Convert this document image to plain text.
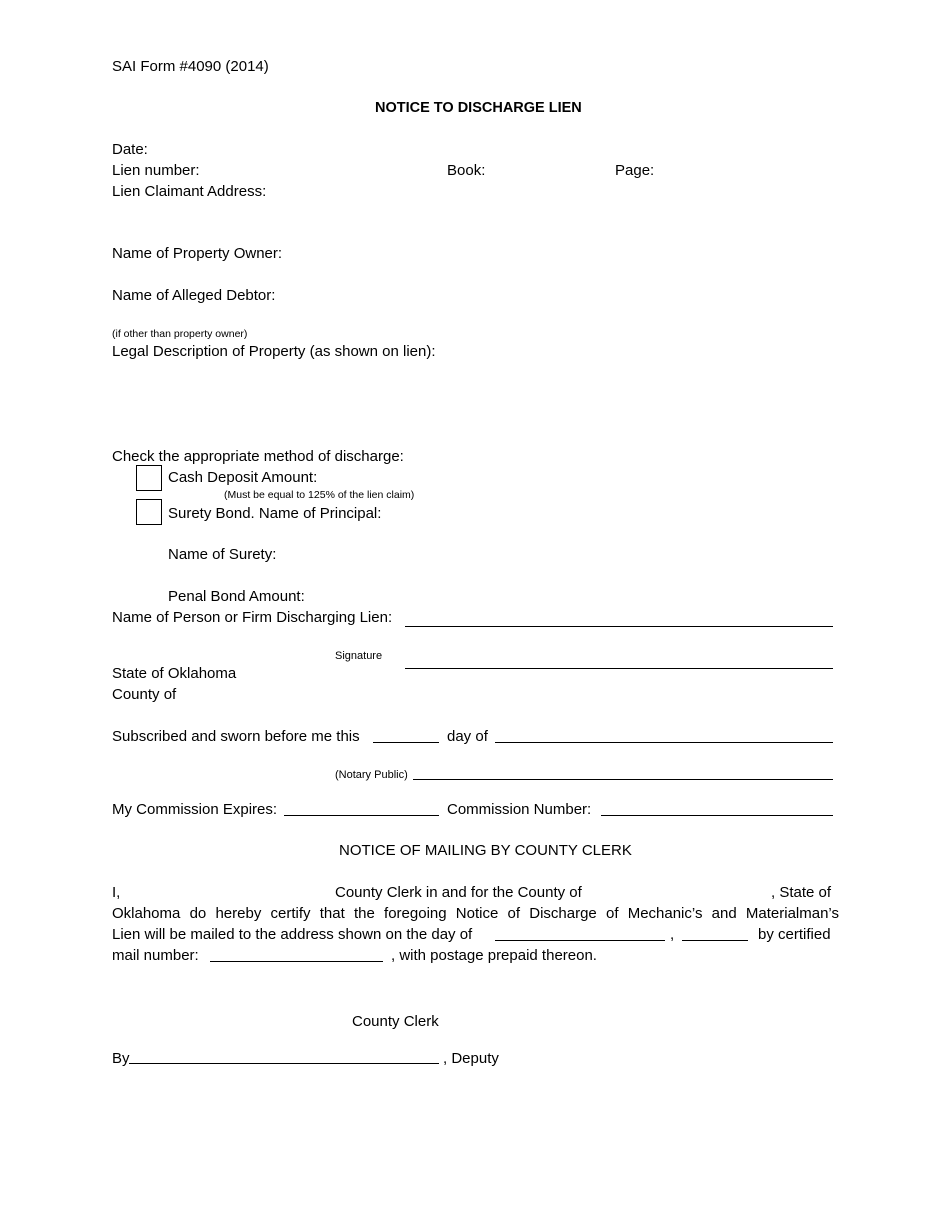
SAI Form #4090 (2014)
NOTICE TO DISCHARGE LIEN
Date:
Lien number:	Book:	Page:
Lien Claimant Address:
Name of Property Owner:
Name of Alleged Debtor:
(if other than property owner)
Legal Description of Property (as shown on lien):
Check the appropriate method of discharge:
Cash Deposit Amount:
(Must be equal to 125% of the lien claim)
Surety Bond. Name of Principal:
Name of Surety:
Penal Bond Amount:
Name of Person or Firm Discharging Lien:
Signature
State of Oklahoma
County of
Subscribed and sworn before me this	day of
(Notary Public)
My Commission Expires:	Commission Number:
NOTICE OF MAILING BY COUNTY CLERK
I,	County Clerk in and for the County of	, State of
Oklahoma do hereby certify that the foregoing Notice of Discharge of Mechanic’s and Materialman’s
Lien will be mailed to the address shown on the day of	,	by certified
mail number:	, with postage prepaid thereon.
County Clerk
By	, Deputy
